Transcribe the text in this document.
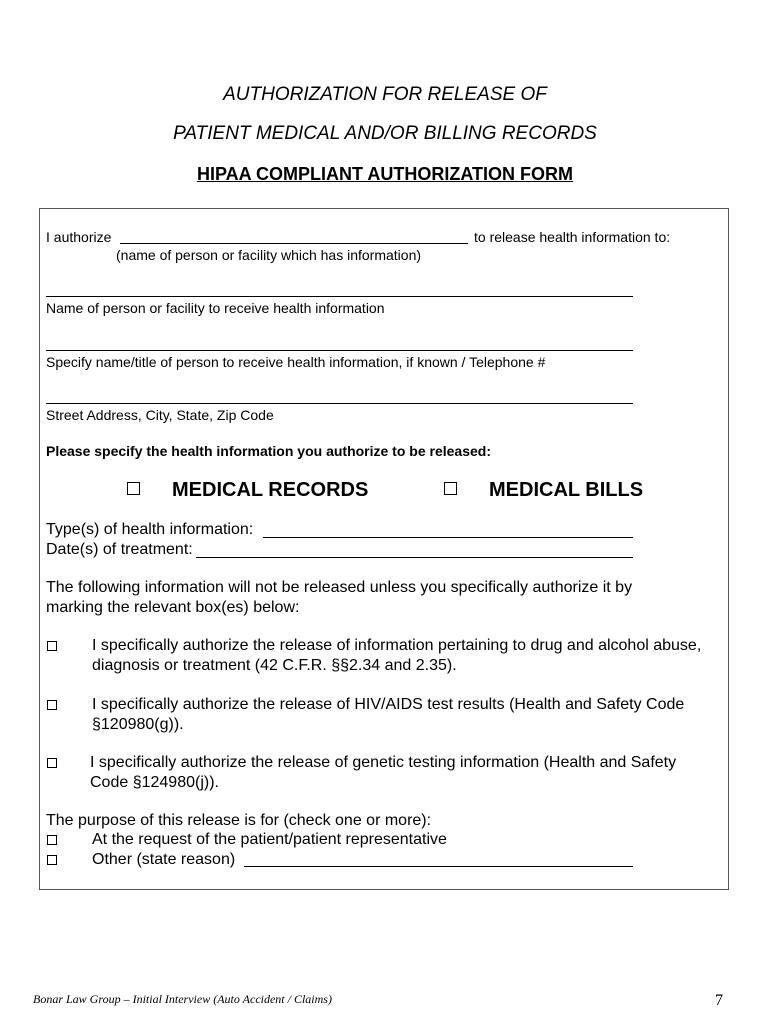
AUTHORIZATION FOR RELEASE OF
PATIENT MEDICAL AND/OR BILLING RECORDS
HIPAA COMPLIANT AUTHORIZATION FORM
I authorize	to release health information to:
(name of person or facility which has information)
Name of person or facility to receive health information
Specify name/title of person to receive health information, if known / Telephone #
Street Address, City, State, Zip Code
Please specify the health information you authorize to be released:
MEDICAL RECORDS	MEDICAL BILLS
Type(s) of health information:
Date(s) of treatment:
The following information will not be released unless you specifically authorize it by
marking the relevant box(es) below:
I specifically authorize the release of information pertaining to drug and alcohol abuse,
diagnosis or treatment (42 C.F.R. §§2.34 and 2.35).
I specifically authorize the release of HIV/AIDS test results (Health and Safety Code
§120980(g)).
I specifically authorize the release of genetic testing information (Health and Safety
Code §124980(j)).
The purpose of this release is for (check one or more):
At the request of the patient/patient representative
Other (state reason)
Bonar Law Group – Initial Interview (Auto Accident / Claims)	7
